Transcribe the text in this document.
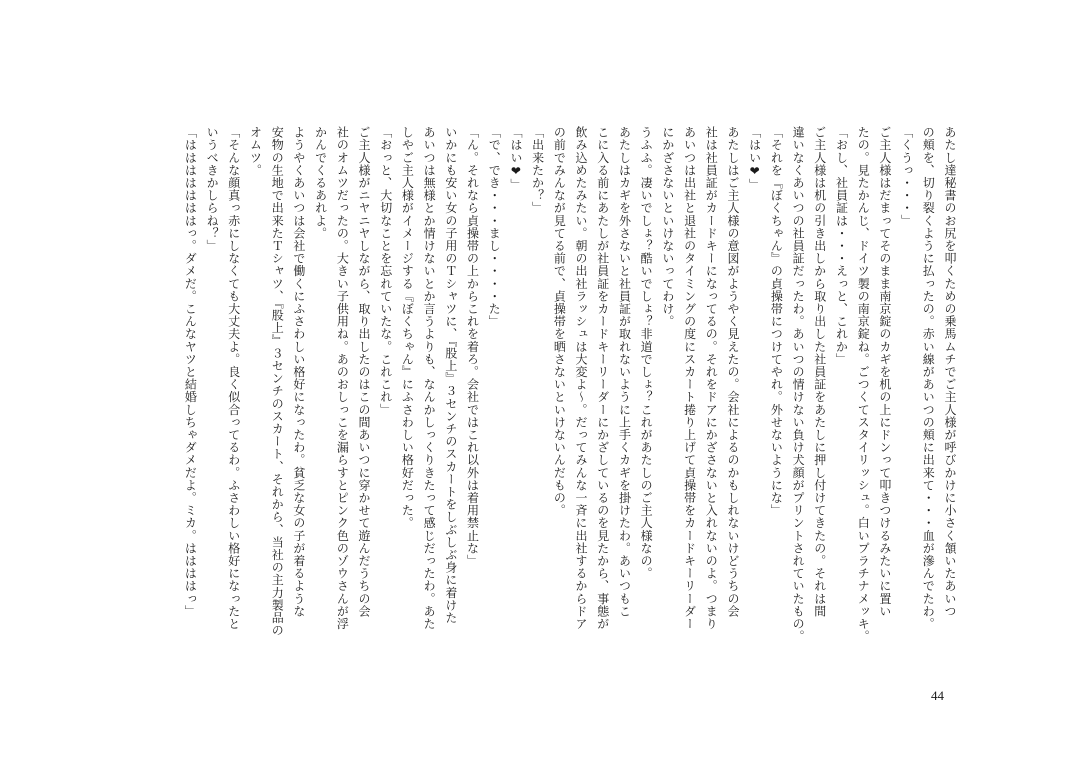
あたし達秘書のお尻を叩くための乗馬ムチでご主人様が呼びかけに小さく頷いたあいつ
の頬を、切り裂くように払ったの。赤い線があいつの頬に出来て・・・血が滲んでたわ。
「くうっ・・・」
ご主人様はだまってそのまま南京錠のカギを机の上にドンって叩きつけるみたいに置い
たの。見たかんじ、ドイツ製の南京錠ね。ごつくてスタイリッシュ。白いプラチナメッキ。
「おし、社員証は・・・えっと、これか」
ご主人様は机の引き出しから取り出した社員証をあたしに押し付けてきたの。それは間
違いなくあいつの社員証だったわ。あいつの情けない負け犬顔がプリントされていたもの。
「それを『ぼくちゃん』の貞操帯につけてやれ。外せないようにな」
「はい❤」
あたしはご主人様の意図がようやく見えたの。会社によるのかもしれないけどうちの会
社は社員証がカードキーになってるの。それをドアにかざさないと入れないのよ。つまり
あいつは出社と退社のタイミングの度にスカート捲り上げて貞操帯をカードキーリーダー
にかざさないといけないってわけ。
うふふ。凄いでしょ？酷いでしょ？非道でしょ？これがあたしのご主人様なの。
あたしはカギを外さないと社員証が取れないように上手くカギを掛けたわ。あいつもこ
こに入る前にあたしが社員証をカードキーリーダーにかざしているのを見たから、事態が
飲み込めたみたい。朝の出社ラッシュは大変よ～。だってみんな一斉に出社するからドア
の前でみんなが見てる前で、貞操帯を晒さないといけないんだもの。
「出来たか？」
「はい❤」
「で、でき・・・まし・・・・た」
「ん。それなら貞操帯の上からこれを着ろ。会社ではこれ以外は着用禁止な」
いかにも安い女の子用のＴシャツに、『股上』３センチのスカートをしぶしぶ身に着けた
あいつは無様とか情けないとか言うよりも、なんかしっくりきたって感じだったわ。あた
しやご主人様がイメージする『ぼくちゃん』にふさわしい格好だった。
「おっと、大切なことを忘れていたな。これこれ」
ご主人様がニヤニヤしながら、取り出したのはこの間あいつに穿かせて遊んだうちの会
社のオムツだったの。大きい子供用ね。あのおしっこを漏らすとピンク色のゾウさんが浮
かんでくるあれよ。
ようやくあいつは会社で働くにふさわしい格好になったわ。貧乏な女の子が着るような
安物の生地で出来たＴシャツ、『股上』３センチのスカート、それから、当社の主力製品の
オムツ。
「そんな顔真っ赤にしなくても大丈夫よ。良く似合ってるわ。ふさわしい格好になったと
いうべきかしらね？」
「はははははははっ。ダメだ。こんなヤツと結婚しちゃダメだよ。ミカ。ははははっ」
44
